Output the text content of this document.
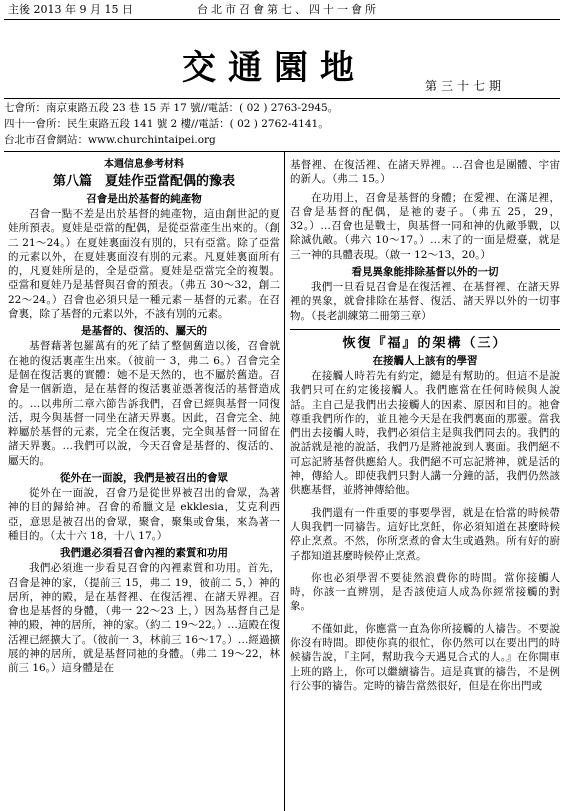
主後 2013 年 9 月 15 日	台北市召會第七、四十一會所
交通園地	第三十七期
七會所：南京東路五段 23 巷 15 弄 17 號//電話：( 02 ) 2763-2945。
四十一會所：民生東路五段 141 號 2 樓//電話：( 02 ) 2762-4141。
台北市召會網站：www.churchintaipei.org
本週信息參考材料
第八篇　夏娃作亞當配偶的豫表
召會是出於基督的純產物

召會一點不差是出於基督的純產物，這由創世記的夏娃所預表。夏娃是亞當的配偶，是從亞當產生出來的。（創二 21～24。）在夏娃裏面沒有別的，只有亞當。除了亞當的元素以外，在夏娃裏面沒有別的元素。凡夏娃裏面所有的，凡夏娃所是的，全是亞當。夏娃是亞當完全的複製。亞當和夏娃乃是基督與召會的預表。（弗五 30～32，創二 22～24。）召會也必須只是一種元素－基督的元素。在召會裏，除了基督的元素以外，不該有別的元素。

是基督的、復活的、屬天的

基督藉著包羅萬有的死了結了整個舊造以後，召會就在祂的復活裏產生出來。（彼前一 3，弗二 6。）召會完全是個在復活裏的實體：她不是天然的，也不屬於舊造。召會是一個新造，是在基督的復活裏並憑著復活的基督造成的。…以弗所二章六節告訴我們，召會已經與基督一同復活，現今與基督一同坐在諸天界裏。因此，召會完全、純粹屬於基督的元素，完全在復活裏，完全與基督一同留在諸天界裏。…我們可以說，今天召會是基督的、復活的、屬天的。

從外在一面說，我們是被召出的會眾

從外在一面說，召會乃是從世界被召出的會眾，為著神的目的歸給神。召會的希臘文是 ekklesia，艾克利西亞，意思是被召出的會眾，聚會，聚集或會集，來為著一種目的。（太十六 18，十八 17。）

我們還必須看召會內裡的素質和功用

我們必須進一步看見召會的內裡素質和功用。首先，召會是神的家，（提前三 15，弗二 19，彼前二 5，）神的居所，神的殿，是在基督裡、在復活裡、在諸天界裡。召會也是基督的身體，（弗一 22～23 上，）因為基督自己是神的殿，神的居所，神的家。（約二 19～22。）…這殿在復活裡已經擴大了。（彼前一 3，林前三 16～17。）…經過擴展的神的居所，就是基督同祂的身體。（弗二 19～22，林前三 16。）這身體是在

基督裡、在復活裡、在諸天界裡。…召會也是團體、宇宙的新人。（弗二 15。）

在功用上，召會是基督的身體；在愛裡、在滿足裡，召會是基督的配偶，是祂的妻子。（弗五 25，29，32。）…召會也是戰士，與基督一同和神的仇敵爭戰，以除滅仇敵。（弗六 10～17。）…末了的一面是燈臺，就是三一神的具體表現。（啟一 12～13，20。）

看見異象能排除基督以外的一切

我們一旦看見召會是在復活裡、在基督裡、在諸天界裡的異象，就會排除在基督、復活、諸天界以外的一切事物。（長老訓練第二冊第三章）

恢復『福』的架構（三）
在接觸人上該有的學習

在接觸人時若先有約定，總是有幫助的。但這不是說我們只可在約定後接觸人。我們應當在任何時候與人說話。主自己是我們出去接觸人的因素、原因和目的。祂會尊重我們所作的，並且祂今天是在我們裏面的那靈。當我們出去接觸人時，我們必須信主是與我們同去的。我們的說話就是祂的說話，我們乃是將祂說到人裏面。我們絕不可忘記將基督供應給人。我們絕不可忘記將神，就是活的神，傳給人。即使我們只對人講一分鐘的話，我們仍然該供應基督，並將神傳給他。

我們還有一件重要的事要學習，就是在恰當的時候帶人與我們一同禱告。這好比烹飪，你必須知道在甚麼時候停止烹煮。不然，你所烹煮的會太生或過熟。所有好的廚子都知道甚麼時候停止烹煮。

你也必須學習不要徒然浪費你的時間。當你接觸人時，你該一直辨別，是否該使這人成為你經常接觸的對象。

不僅如此，你應當一直為你所接觸的人禱告。不要說你沒有時間。即使你真的很忙，你仍然可以在要出門的時候禱告說，『主阿，幫助我今天遇見合式的人。』在你開車上班的路上，你可以繼續禱告。這是真實的禱告，不是例行公事的禱告。定時的禱告當然很好，但是在你出門或
